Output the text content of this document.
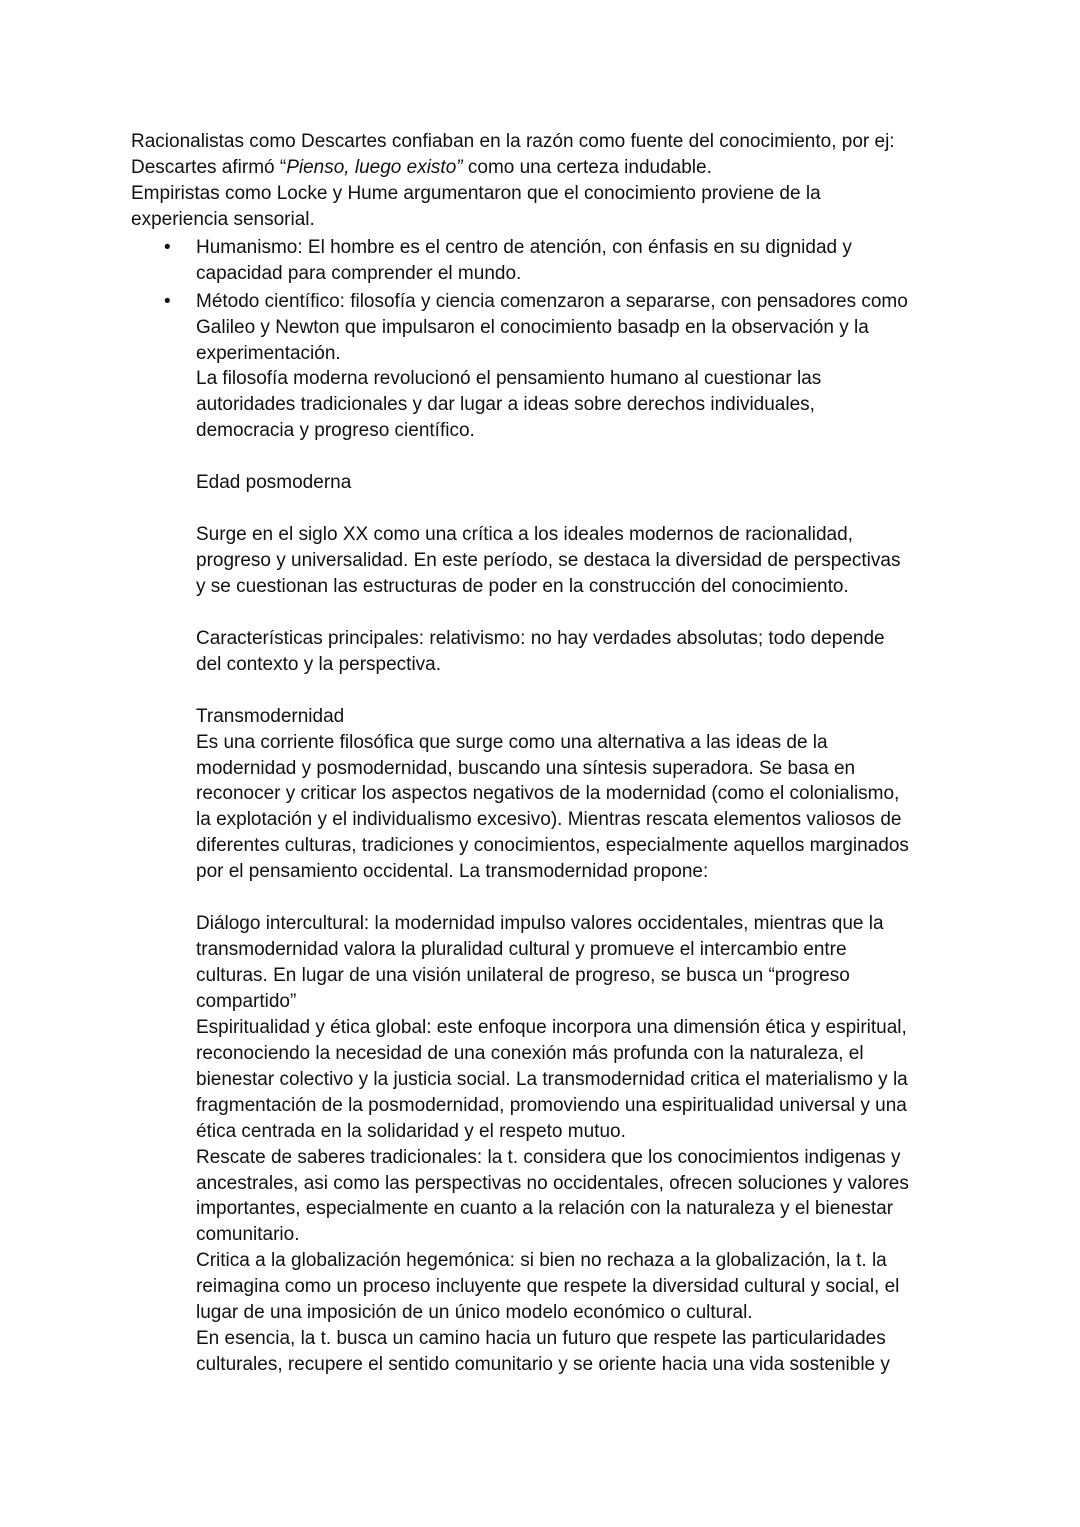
Racionalistas como Descartes confiaban en la razón como fuente del conocimiento, por ej:
Descartes afirmó “Pienso, luego existo” como una certeza indudable.
Empiristas como Locke y Hume argumentaron que el conocimiento proviene de la
experiencia sensorial.
•	Humanismo: El hombre es el centro de atención, con énfasis en su dignidad y
capacidad para comprender el mundo.
•	Método científico: filosofía y ciencia comenzaron a separarse, con pensadores como
Galileo y Newton que impulsaron el conocimiento basadp en la observación y la
experimentación.
La filosofía moderna revolucionó el pensamiento humano al cuestionar las
autoridades tradicionales y dar lugar a ideas sobre derechos individuales,
democracia y progreso científico.
Edad posmoderna
Surge en el siglo XX como una crítica a los ideales modernos de racionalidad,
progreso y universalidad. En este período, se destaca la diversidad de perspectivas
y se cuestionan las estructuras de poder en la construcción del conocimiento.
Características principales: relativismo: no hay verdades absolutas; todo depende
del contexto y la perspectiva.
Transmodernidad
Es una corriente filosófica que surge como una alternativa a las ideas de la
modernidad y posmodernidad, buscando una síntesis superadora. Se basa en
reconocer y criticar los aspectos negativos de la modernidad (como el colonialismo,
la explotación y el individualismo excesivo). Mientras rescata elementos valiosos de
diferentes culturas, tradiciones y conocimientos, especialmente aquellos marginados
por el pensamiento occidental. La transmodernidad propone:
Diálogo intercultural: la modernidad impulso valores occidentales, mientras que la
transmodernidad valora la pluralidad cultural y promueve el intercambio entre
culturas. En lugar de una visión unilateral de progreso, se busca un “progreso
compartido”
Espiritualidad y ética global: este enfoque incorpora una dimensión ética y espiritual,
reconociendo la necesidad de una conexión más profunda con la naturaleza, el
bienestar colectivo y la justicia social. La transmodernidad critica el materialismo y la
fragmentación de la posmodernidad, promoviendo una espiritualidad universal y una
ética centrada en la solidaridad y el respeto mutuo.
Rescate de saberes tradicionales: la t. considera que los conocimientos indigenas y
ancestrales, asi como las perspectivas no occidentales, ofrecen soluciones y valores
importantes, especialmente en cuanto a la relación con la naturaleza y el bienestar
comunitario.
Critica a la globalización hegemónica: si bien no rechaza a la globalización, la t. la
reimagina como un proceso incluyente que respete la diversidad cultural y social, el
lugar de una imposición de un único modelo económico o cultural.
En esencia, la t. busca un camino hacia un futuro que respete las particularidades
culturales, recupere el sentido comunitario y se oriente hacia una vida sostenible y
